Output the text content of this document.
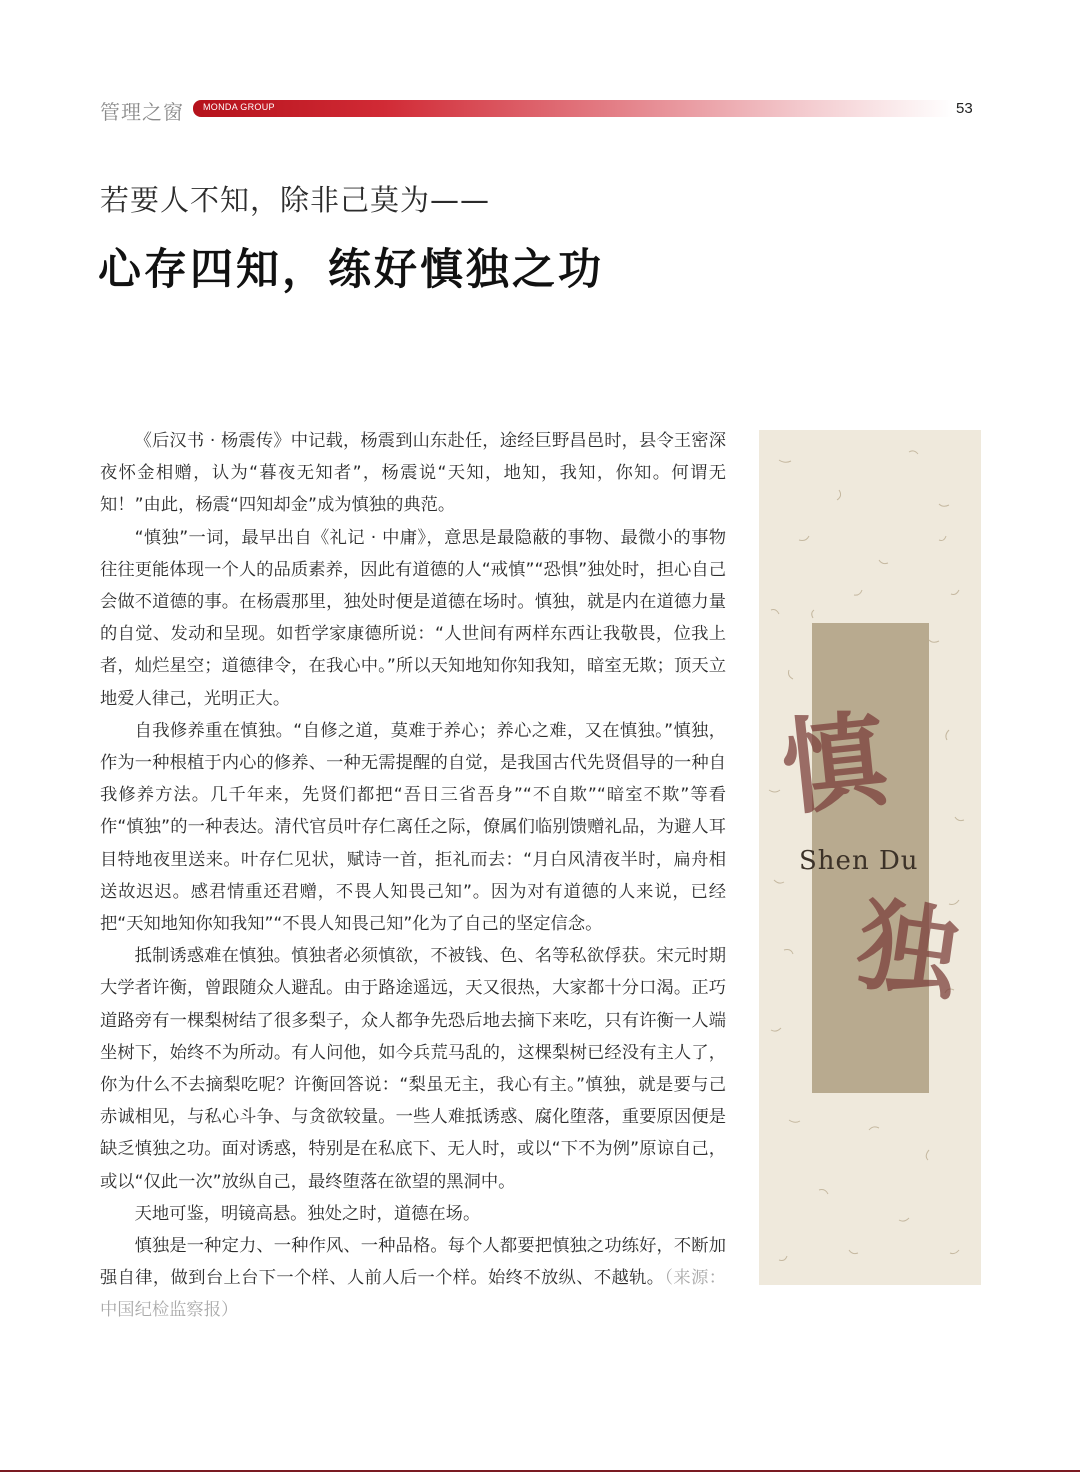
管理之窗 MONDA GROUP	53
若要人不知，除非己莫为——
心存四知，练好慎独之功

《后汉书 · 杨震传》中记载，杨震到山东赴任，途经巨野昌邑时，县令王密深夜怀金相赠，认为“暮夜无知者”，杨震说“天知，地知，我知，你知。何谓无知！”由此，杨震“四知却金”成为慎独的典范。

“慎独”一词，最早出自《礼记 · 中庸》，意思是最隐蔽的事物、最微小的事物往往更能体现一个人的品质素养，因此有道德的人“戒慎”“恐惧”独处时，担心自己会做不道德的事。在杨震那里，独处时便是道德在场时。慎独，就是内在道德力量的自觉、发动和呈现。如哲学家康德所说：“人世间有两样东西让我敬畏，位我上者，灿烂星空；道德律令，在我心中。”所以天知地知你知我知，暗室无欺；顶天立地爱人律己，光明正大。

自我修养重在慎独。“自修之道，莫难于养心；养心之难，又在慎独。”慎独，作为一种根植于内心的修养、一种无需提醒的自觉，是我国古代先贤倡导的一种自我修养方法。几千年来，先贤们都把“吾日三省吾身”“不自欺”“暗室不欺”等看作“慎独”的一种表达。清代官员叶存仁离任之际，僚属们临别馈赠礼品，为避人耳目特地夜里送来。叶存仁见状，赋诗一首，拒礼而去：“月白风清夜半时，扁舟相送故迟迟。感君情重还君赠，不畏人知畏己知”。因为对有道德的人来说，已经把“天知地知你知我知”“不畏人知畏己知”化为了自己的坚定信念。

抵制诱惑难在慎独。慎独者必须慎欲，不被钱、色、名等私欲俘获。宋元时期大学者许衡，曾跟随众人避乱。由于路途遥远，天又很热，大家都十分口渴。正巧道路旁有一棵梨树结了很多梨子，众人都争先恐后地去摘下来吃，只有许衡一人端坐树下，始终不为所动。有人问他，如今兵荒马乱的，这棵梨树已经没有主人了，你为什么不去摘梨吃呢？许衡回答说：“梨虽无主，我心有主。”慎独，就是要与己赤诚相见，与私心斗争、与贪欲较量。一些人难抵诱惑、腐化堕落，重要原因便是缺乏慎独之功。面对诱惑，特别是在私底下、无人时，或以“下不为例”原谅自己，或以“仅此一次”放纵自己，最终堕落在欲望的黑洞中。

天地可鉴，明镜高悬。独处之时，道德在场。

慎独是一种定力、一种作风、一种品格。每个人都要把慎独之功练好，不断加强自律，做到台上台下一个样、人前人后一个样。始终不放纵、不越轨。（来源：中国纪检监察报）

慎
独
Shen Du
